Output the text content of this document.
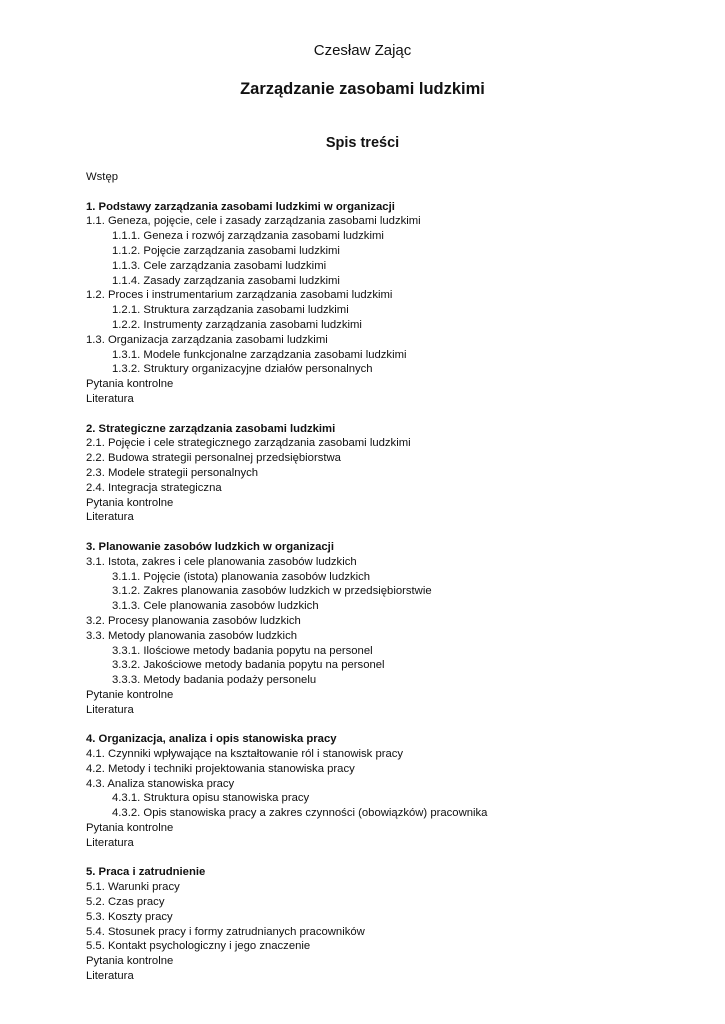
Czesław Zając
Zarządzanie zasobami ludzkimi
Spis treści
Wstęp
1. Podstawy zarządzania zasobami ludzkimi w organizacji
1.1. Geneza, pojęcie, cele i zasady zarządzania zasobami ludzkimi
1.1.1. Geneza i rozwój zarządzania zasobami ludzkimi
1.1.2. Pojęcie zarządzania zasobami ludzkimi
1.1.3. Cele zarządzania zasobami ludzkimi
1.1.4. Zasady zarządzania zasobami ludzkimi
1.2. Proces i instrumentarium zarządzania zasobami ludzkimi
1.2.1. Struktura zarządzania zasobami ludzkimi
1.2.2. Instrumenty zarządzania zasobami ludzkimi
1.3. Organizacja zarządzania zasobami ludzkimi
1.3.1. Modele funkcjonalne zarządzania zasobami ludzkimi
1.3.2. Struktury organizacyjne działów personalnych
Pytania kontrolne
Literatura
2. Strategiczne zarządzania zasobami ludzkimi
2.1. Pojęcie i cele strategicznego zarządzania zasobami ludzkimi
2.2. Budowa strategii personalnej przedsiębiorstwa
2.3. Modele strategii personalnych
2.4. Integracja strategiczna
Pytania kontrolne
Literatura
3. Planowanie zasobów ludzkich w organizacji
3.1. Istota, zakres i cele planowania zasobów ludzkich
3.1.1. Pojęcie (istota) planowania zasobów ludzkich
3.1.2. Zakres planowania zasobów ludzkich w przedsiębiorstwie
3.1.3. Cele planowania zasobów ludzkich
3.2. Procesy planowania zasobów ludzkich
3.3. Metody planowania zasobów ludzkich
3.3.1. Ilościowe metody badania popytu na personel
3.3.2. Jakościowe metody badania popytu na personel
3.3.3. Metody badania podaży personelu
Pytanie kontrolne
Literatura
4. Organizacja, analiza i opis stanowiska pracy
4.1. Czynniki wpływające na kształtowanie ról i stanowisk pracy
4.2. Metody i techniki projektowania stanowiska pracy
4.3. Analiza stanowiska pracy
4.3.1. Struktura opisu stanowiska pracy
4.3.2. Opis stanowiska pracy a zakres czynności (obowiązków) pracownika
Pytania kontrolne
Literatura
5. Praca i zatrudnienie
5.1. Warunki pracy
5.2. Czas pracy
5.3. Koszty pracy
5.4. Stosunek pracy i formy zatrudnianych pracowników
5.5. Kontakt psychologiczny i jego znaczenie
Pytania kontrolne
Literatura
